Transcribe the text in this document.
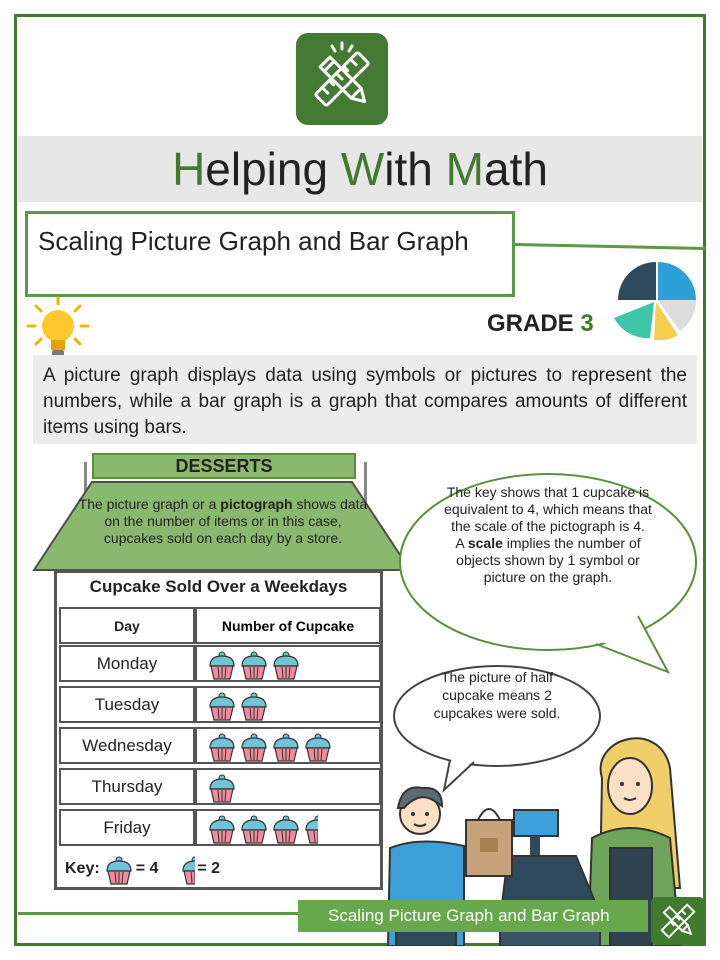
Helping With Math
Scaling Picture Graph and Bar Graph
GRADE 3
A picture graph displays data using symbols or pictures to represent the numbers, while a bar graph is a graph that compares amounts of different items using bars.
DESSERTS
The picture graph or a pictograph shows data on the number of items or in this case, cupcakes sold on each day by a store.
Cupcake Sold Over a Weekdays
Day	Number of Cupcake
Monday
Tuesday
Wednesday
Thursday
Friday
Key: = 4 = 2
The key shows that 1 cupcake is equivalent to 4, which means that the scale of the pictograph is 4.
A scale implies the number of objects shown by 1 symbol or picture on the graph.
The picture of half cupcake means 2 cupcakes were sold.
Scaling Picture Graph and Bar Graph
